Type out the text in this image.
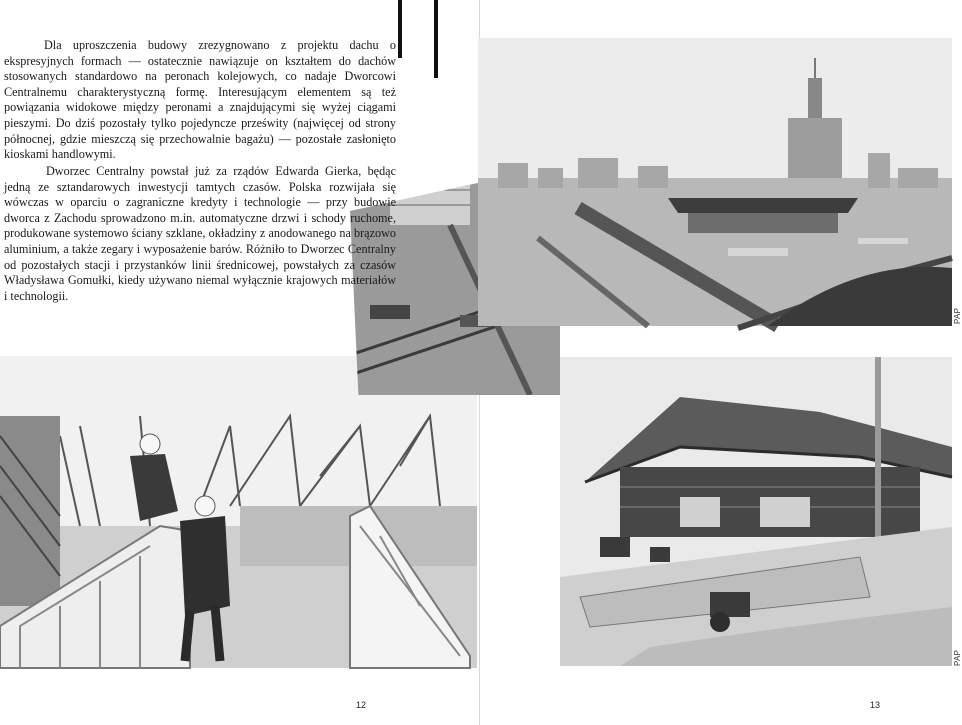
Dla uproszczenia budowy zrezygnowano z projektu dachu o ekspresyjnych formach — ostatecznie nawiązuje on kształtem do dachów stosowanych standardowo na peronach kolejowych, co nadaje Dworcowi Centralnemu charakterystyczną formę. Interesującym elementem są też powiązania widokowe między peronami a znajdującymi się wyżej ciągami pieszymi. Do dziś pozostały tylko pojedyncze prześwity (najwięcej od strony północnej, gdzie mieszczą się przechowalnie bagażu) — pozostałe zasłonięto kioskami handlowymi.

Dworzec Centralny powstał już za rządów Edwarda Gierka, będąc jedną ze sztandarowych inwestycji tamtych czasów. Polska rozwijała się wówczas w oparciu o zagraniczne kredyty i technologie — przy budowie dworca z Zachodu sprowadzono m.in. automatyczne drzwi i schody ruchome, produkowane systemowo ściany szklane, okładziny z anodowanego na brązowo aluminium, a także zegary i wyposażenie barów. Różniło to Dworzec Centralny od pozostałych stacji i przystanków linii średnicowej, powstałych za czasów Władysława Gomułki, kiedy używano niemal wyłącznie krajowych materiałów i technologii.

12	13
PAP
PAP
